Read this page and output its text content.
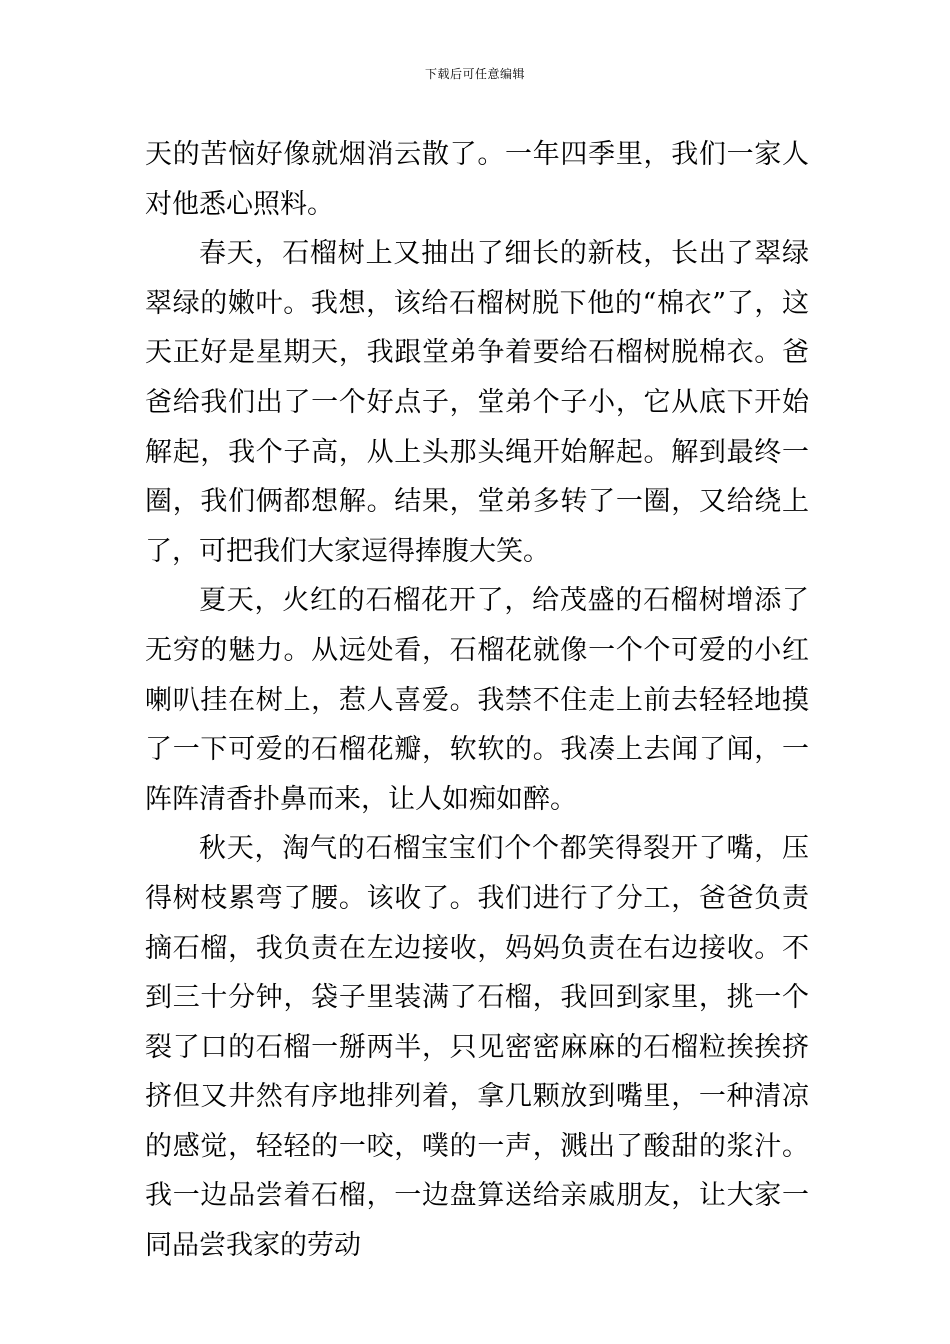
下载后可任意编辑

天的苦恼好像就烟消云散了。一年四季里，我们一家人对他悉心照料。

春天，石榴树上又抽出了细长的新枝，长出了翠绿翠绿的嫩叶。我想，该给石榴树脱下他的“棉衣”了，这天正好是星期天，我跟堂弟争着要给石榴树脱棉衣。爸爸给我们出了一个好点子，堂弟个子小，它从底下开始解起，我个子高，从上头那头绳开始解起。解到最终一圈，我们俩都想解。结果，堂弟多转了一圈，又给绕上了，可把我们大家逗得捧腹大笑。

夏天，火红的石榴花开了，给茂盛的石榴树增添了无穷的魅力。从远处看，石榴花就像一个个可爱的小红喇叭挂在树上，惹人喜爱。我禁不住走上前去轻轻地摸了一下可爱的石榴花瓣，软软的。我凑上去闻了闻，一阵阵清香扑鼻而来，让人如痴如醉。

秋天，淘气的石榴宝宝们个个都笑得裂开了嘴，压得树枝累弯了腰。该收了。我们进行了分工，爸爸负责摘石榴，我负责在左边接收，妈妈负责在右边接收。不到三十分钟，袋子里装满了石榴，我回到家里，挑一个裂了口的石榴一掰两半，只见密密麻麻的石榴粒挨挨挤挤但又井然有序地排列着，拿几颗放到嘴里，一种清凉的感觉，轻轻的一咬，噗的一声，溅出了酸甜的浆汁。我一边品尝着石榴，一边盘算送给亲戚朋友，让大家一同品尝我家的劳动
